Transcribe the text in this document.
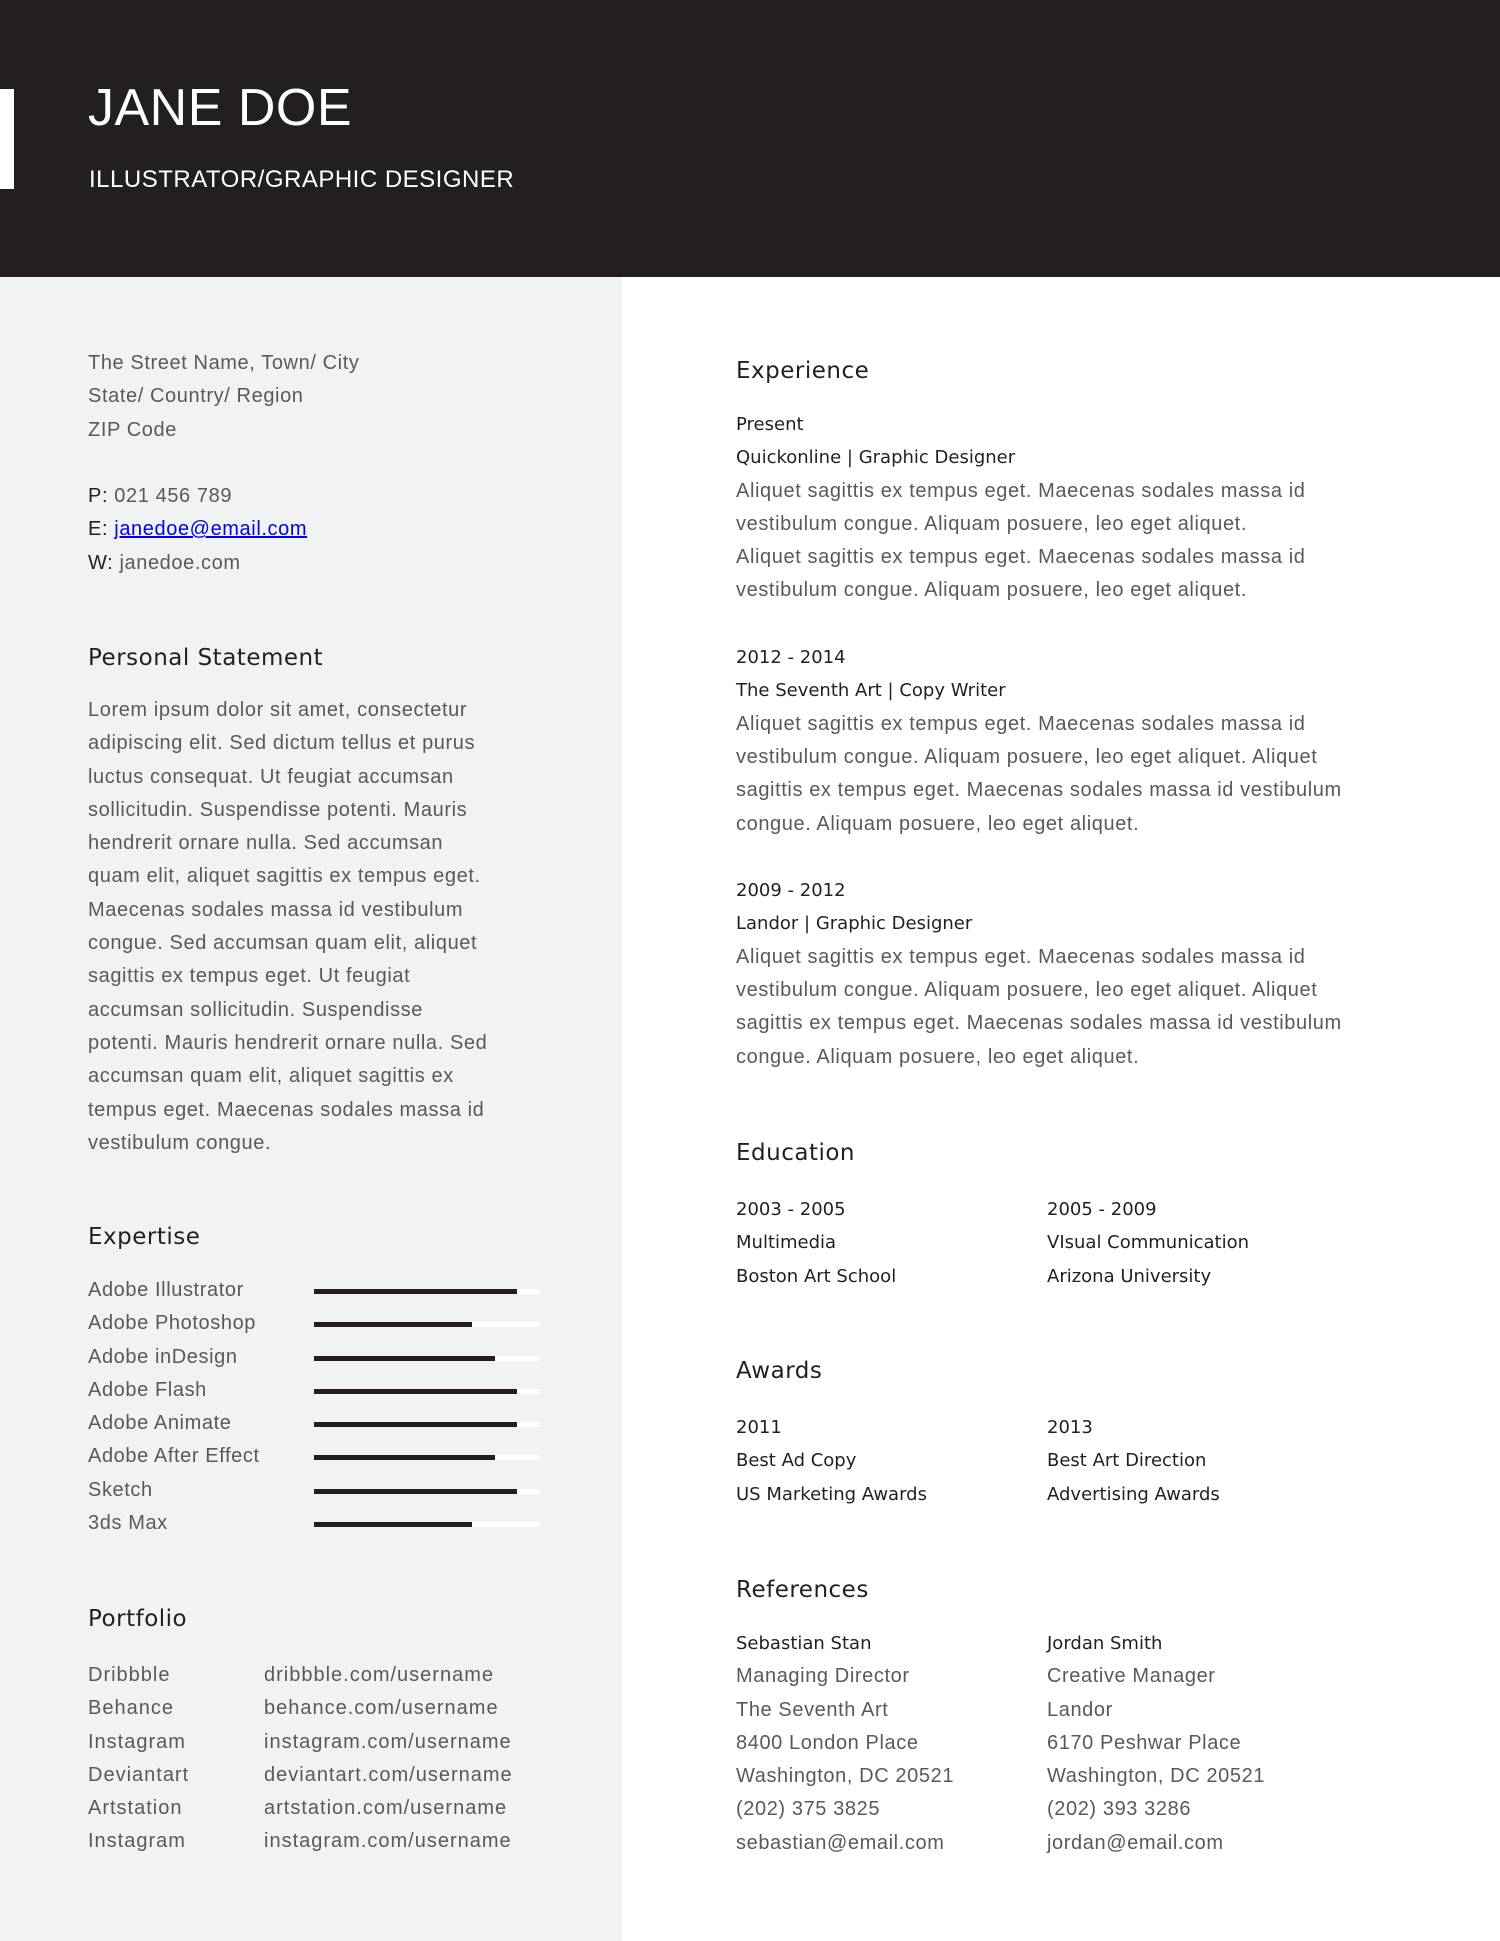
JANE DOE
ILLUSTRATOR/GRAPHIC DESIGNER
The Street Name, Town/ City
State/ Country/ Region
ZIP Code
P: 021 456 789
E: janedoe@email.com
W: janedoe.com
Personal Statement
Lorem ipsum dolor sit amet, consectetur
adipiscing elit. Sed dictum tellus et purus
luctus consequat. Ut feugiat accumsan
sollicitudin. Suspendisse potenti. Mauris
hendrerit ornare nulla. Sed accumsan
quam elit, aliquet sagittis ex tempus eget.
Maecenas sodales massa id vestibulum
congue. Sed accumsan quam elit, aliquet
sagittis ex tempus eget. Ut feugiat
accumsan sollicitudin. Suspendisse
potenti. Mauris hendrerit ornare nulla. Sed
accumsan quam elit, aliquet sagittis ex
tempus eget. Maecenas sodales massa id
vestibulum congue.
Expertise
Adobe Illustrator
Adobe Photoshop
Adobe inDesign
Adobe Flash
Adobe Animate
Adobe After Effect
Sketch
3ds Max
Portfolio
Dribbble	dribbble.com/username
Behance	behance.com/username
Instagram	instagram.com/username
Deviantart	deviantart.com/username
Artstation	artstation.com/username
Instagram	instagram.com/username
Experience
Present
Quickonline | Graphic Designer
Aliquet sagittis ex tempus eget. Maecenas sodales massa id
vestibulum congue. Aliquam posuere, leo eget aliquet.
Aliquet sagittis ex tempus eget. Maecenas sodales massa id
vestibulum congue. Aliquam posuere, leo eget aliquet.
2012 - 2014
The Seventh Art | Copy Writer
Aliquet sagittis ex tempus eget. Maecenas sodales massa id
vestibulum congue. Aliquam posuere, leo eget aliquet. Aliquet
sagittis ex tempus eget. Maecenas sodales massa id vestibulum
congue. Aliquam posuere, leo eget aliquet.
2009 - 2012
Landor | Graphic Designer
Aliquet sagittis ex tempus eget. Maecenas sodales massa id
vestibulum congue. Aliquam posuere, leo eget aliquet. Aliquet
sagittis ex tempus eget. Maecenas sodales massa id vestibulum
congue. Aliquam posuere, leo eget aliquet.
Education
2003 - 2005
Multimedia
Boston Art School
2005 - 2009
VIsual Communication
Arizona University
Awards
2011
Best Ad Copy
US Marketing Awards
2013
Best Art Direction
Advertising Awards
References
Sebastian Stan
Managing Director
The Seventh Art
8400 London Place
Washington, DC 20521
(202) 375 3825
sebastian@email.com
Jordan Smith
Creative Manager
Landor
6170 Peshwar Place
Washington, DC 20521
(202) 393 3286
jordan@email.com
